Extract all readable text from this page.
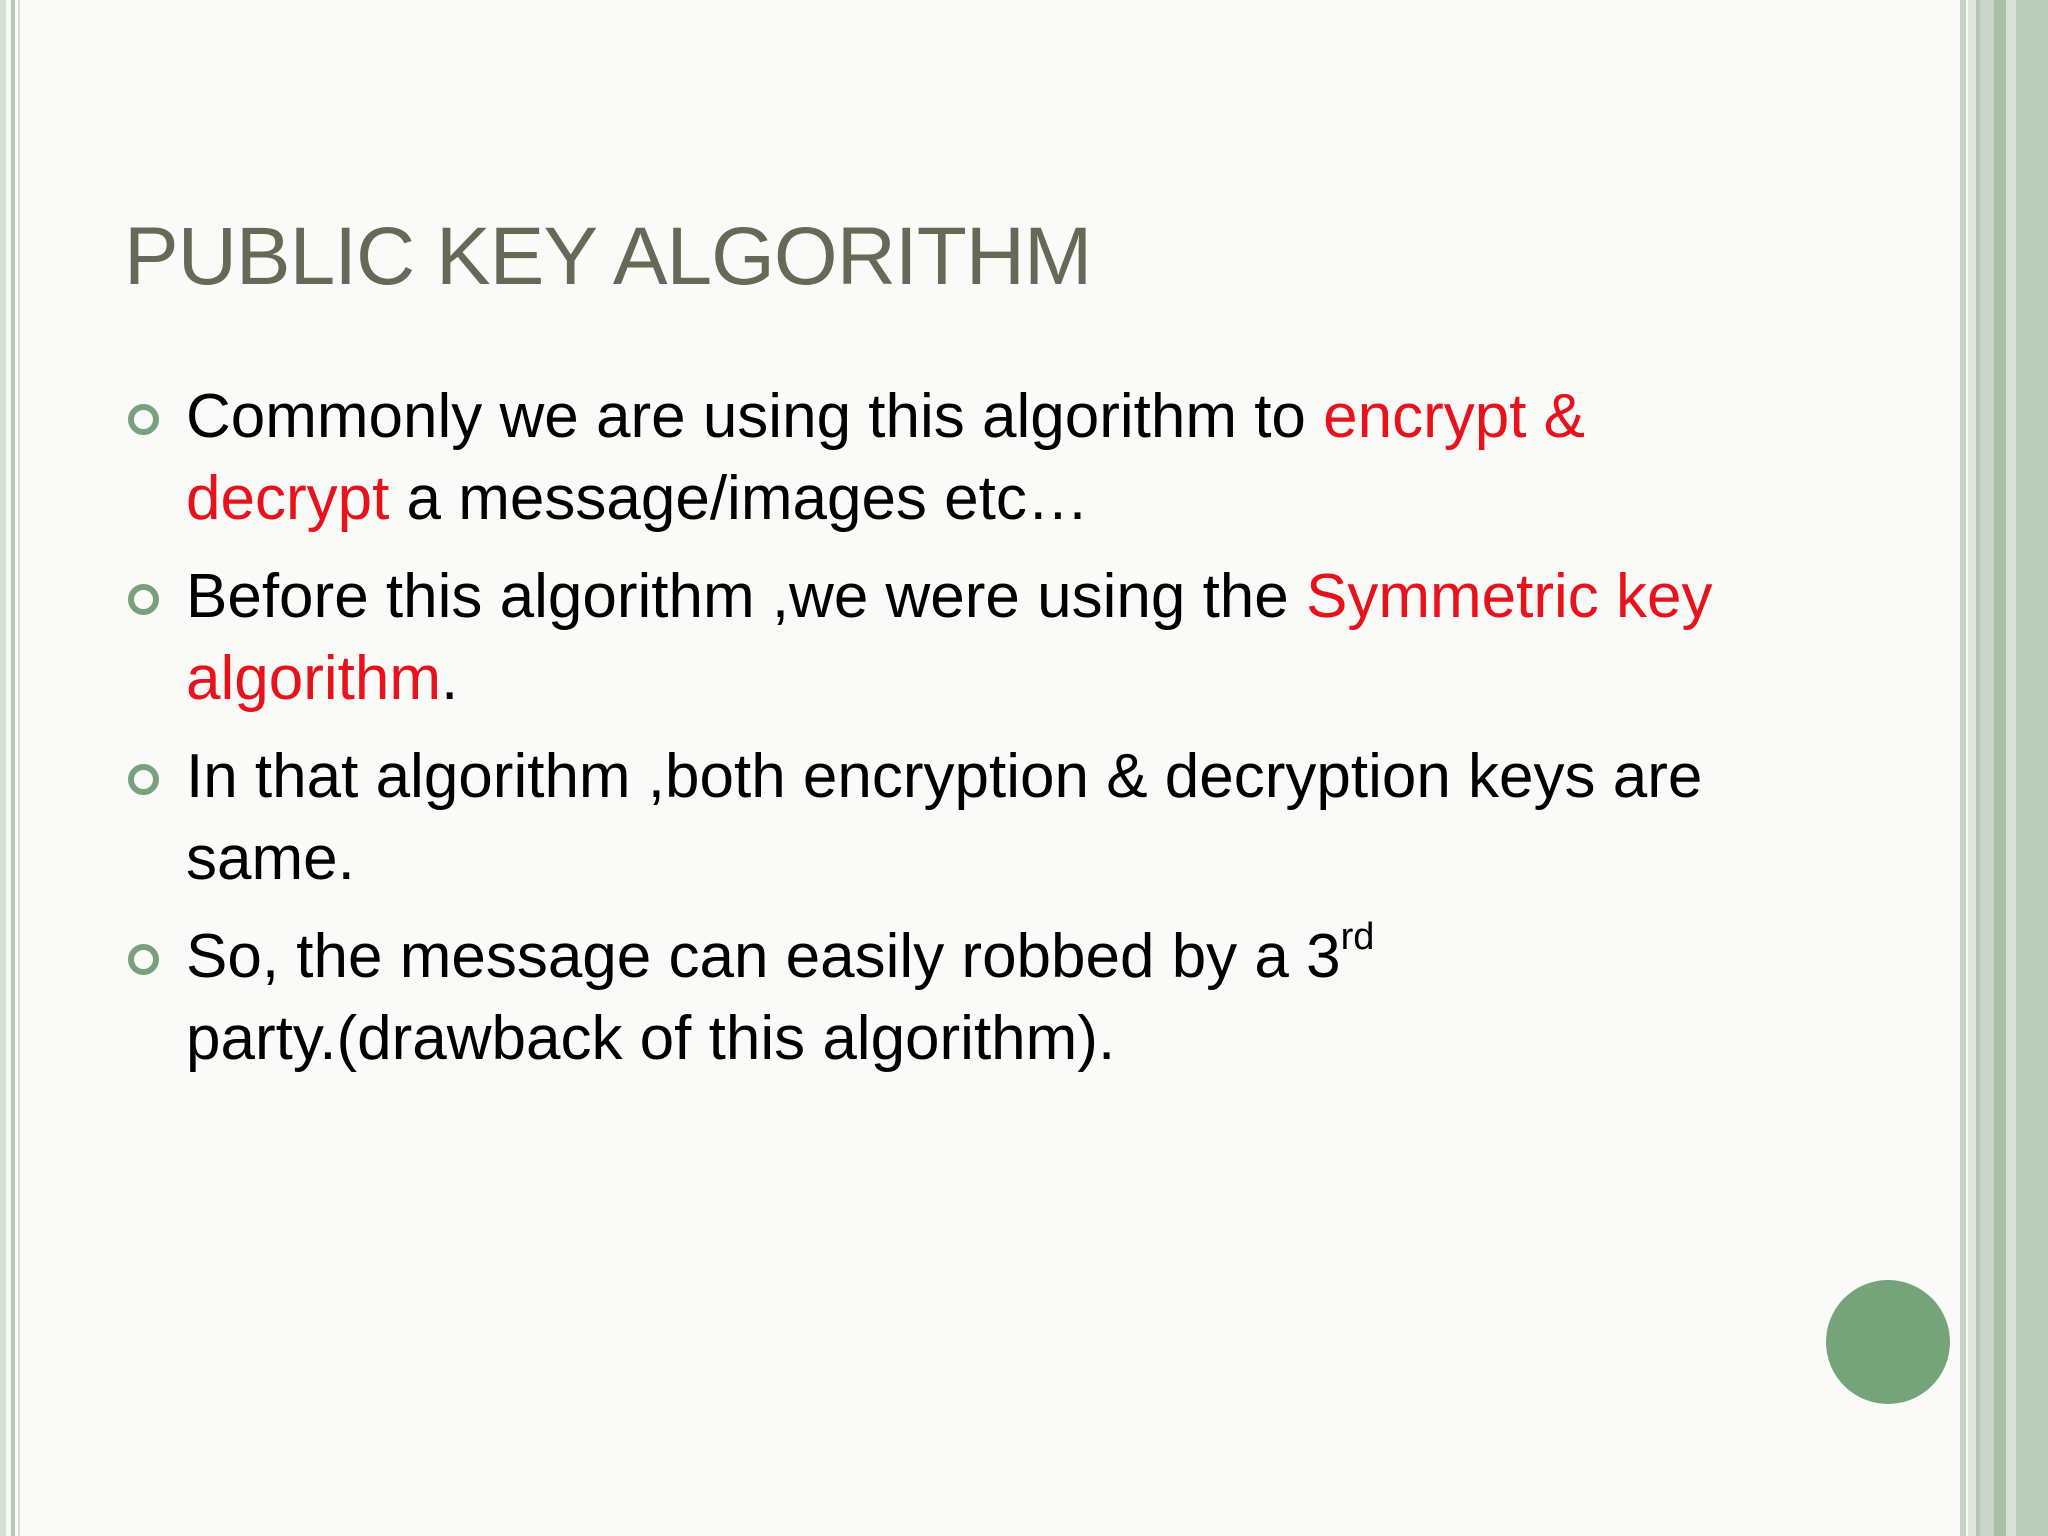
PUBLIC KEY ALGORITHM
Commonly we are using this algorithm to encrypt & decrypt a message/images etc…
Before this algorithm ,we were using the Symmetric key algorithm.
In that algorithm ,both encryption & decryption keys are same.
So, the message can easily robbed by a 3rd
party.(drawback of this algorithm).
